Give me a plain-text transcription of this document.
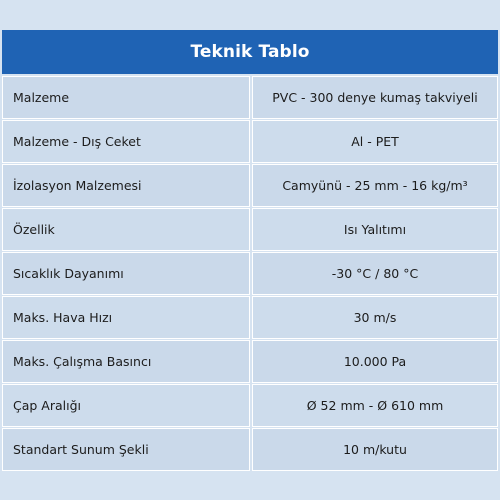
Teknik Tablo
Malzeme	PVC - 300 denye kumaş takviyeli
Malzeme - Dış Ceket	Al - PET
İzolasyon Malzemesi	Camyünü - 25 mm - 16 kg/m³
Özellik	Isı Yalıtımı
Sıcaklık Dayanımı	-30 °C / 80 °C
Maks. Hava Hızı	30 m/s
Maks. Çalışma Basıncı	10.000 Pa
Çap Aralığı	Ø 52 mm - Ø 610 mm
Standart Sunum Şekli	10 m/kutu
